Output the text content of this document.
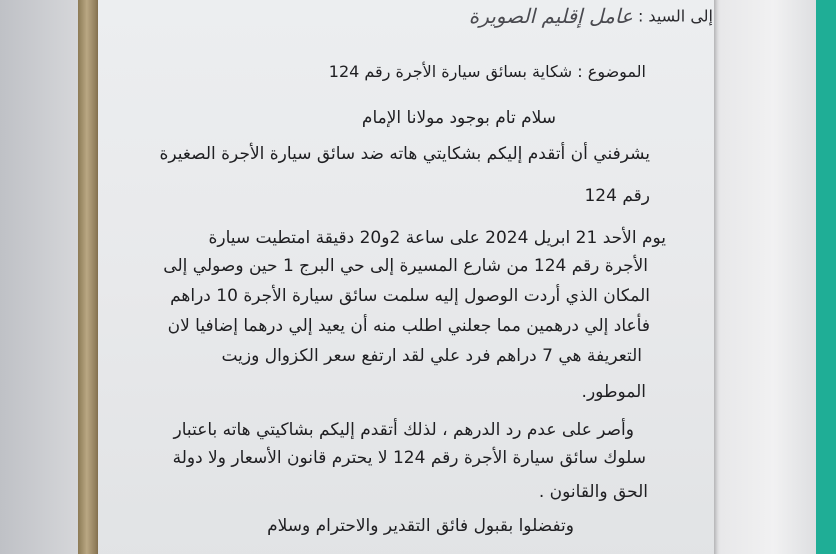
إلى السيد : عامل إقليم الصويرة
الموضوع : شكاية بسائق سيارة الأجرة رقم 124
سلام تام بوجود مولانا الإمام
يشرفني أن أتقدم إليكم بشكايتي هاته ضد سائق سيارة الأجرة الصغيرة
رقم 124
يوم الأحد 21 ابريل 2024 على ساعة 2و20 دقيقة امتطيت سيارة
الأجرة رقم 124 من شارع المسيرة إلى حي البرج 1 حين وصولي إلى
المكان الذي أردت الوصول إليه سلمت سائق سيارة الأجرة 10 دراهم
فأعاد إلي درهمين مما جعلني اطلب منه أن يعيد إلي درهما إضافيا لان
التعريفة هي 7 دراهم فرد علي لقد ارتفع سعر الكزوال وزيت
الموطور.
وأصر على عدم رد الدرهم ، لذلك أتقدم إليكم بشاكيتي هاته باعتبار
سلوك سائق سيارة الأجرة رقم 124 لا يحترم قانون الأسعار ولا دولة
الحق والقانون .
وتفضلوا بقبول فائق التقدير والاحترام وسلام
